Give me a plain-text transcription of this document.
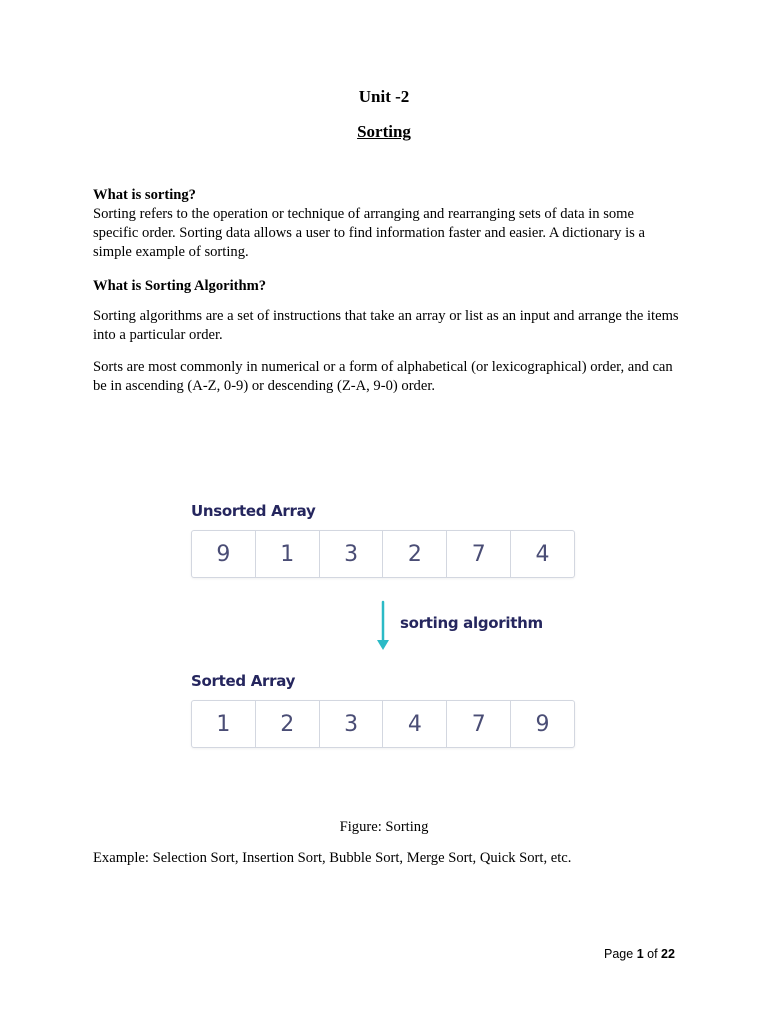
Unit -2
Sorting
What is sorting?

Sorting refers to the operation or technique of arranging and rearranging sets of data in some specific order. Sorting data allows a user to find information faster and easier. A dictionary is a simple example of sorting.

What is Sorting Algorithm?

Sorting algorithms are a set of instructions that take an array or list as an input and arrange the items into a particular order.

Sorts are most commonly in numerical or a form of alphabetical (or lexicographical) order, and can be in ascending (A-Z, 0-9) or descending (Z-A, 9-0) order.

Unsorted Array
9	1	3	2	7	4
sorting algorithm
Sorted Array
1	2	3	4	7	9
Figure: Sorting
Example: Selection Sort, Insertion Sort, Bubble Sort, Merge Sort, Quick Sort, etc.
Page 1 of 22
